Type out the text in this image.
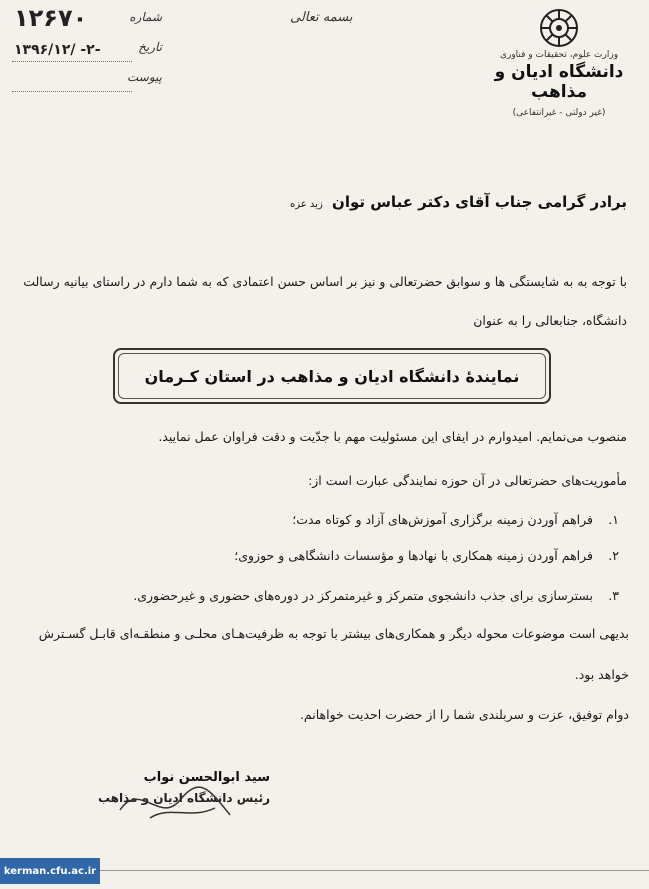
شماره
۱۲۶۷۰
تاریخ
۱۳۹۶/۱۲/ -۲-
پیوست
بسمه تعالی
وزارت علوم، تحقیقات و فناوری
دانشگاه ادیان و مذاهب
(غیر دولتی - غیرانتفاعی)
برادر گرامی جناب آقای دکتر عباس توان زید عزه
با توجه به به شایستگی ها و سوابق حضرتعالی و نیز بر اساس حسن اعتمادی که به شما دارم در راستای بیانیه رسالت
دانشگاه، جنابعالی را به عنوان
نمایندهٔ دانشگاه ادیان و مذاهب در استان کـرمان
منصوب می‌نمایم. امیدوارم در ایفای این مسئولیت مهم با جدّیت و دقت فراوان عمل نمایید.
مأموریت‌های حضرتعالی در آن حوزه نمایندگی عبارت است از:
۱. فراهم آوردن زمینه برگزاری آموزش‌های آزاد و کوتاه مدت؛
۲. فراهم آوردن زمینه همکاری با نهادها و مؤسسات دانشگاهی و حوزوی؛
۳. بسترسازی برای جذب دانشجوی متمرکز و غیرمتمرکز در دوره‌های حضوری و غیرحضوری.
بدیهی است موضوعات محوله دیگر و همکاری‌های بیشتر با توجه به ظرفیت‌هـای محلـی و منطقـه‌ای قابـل گسـترش
خواهد بود.
دوام توفیق، عزت و سربلندی شما را از حضرت احدیت خواهانم.
سید ابوالحسن نواب
رئیس دانشگاه ادیان و مذاهب
kerman.cfu.ac.ir
